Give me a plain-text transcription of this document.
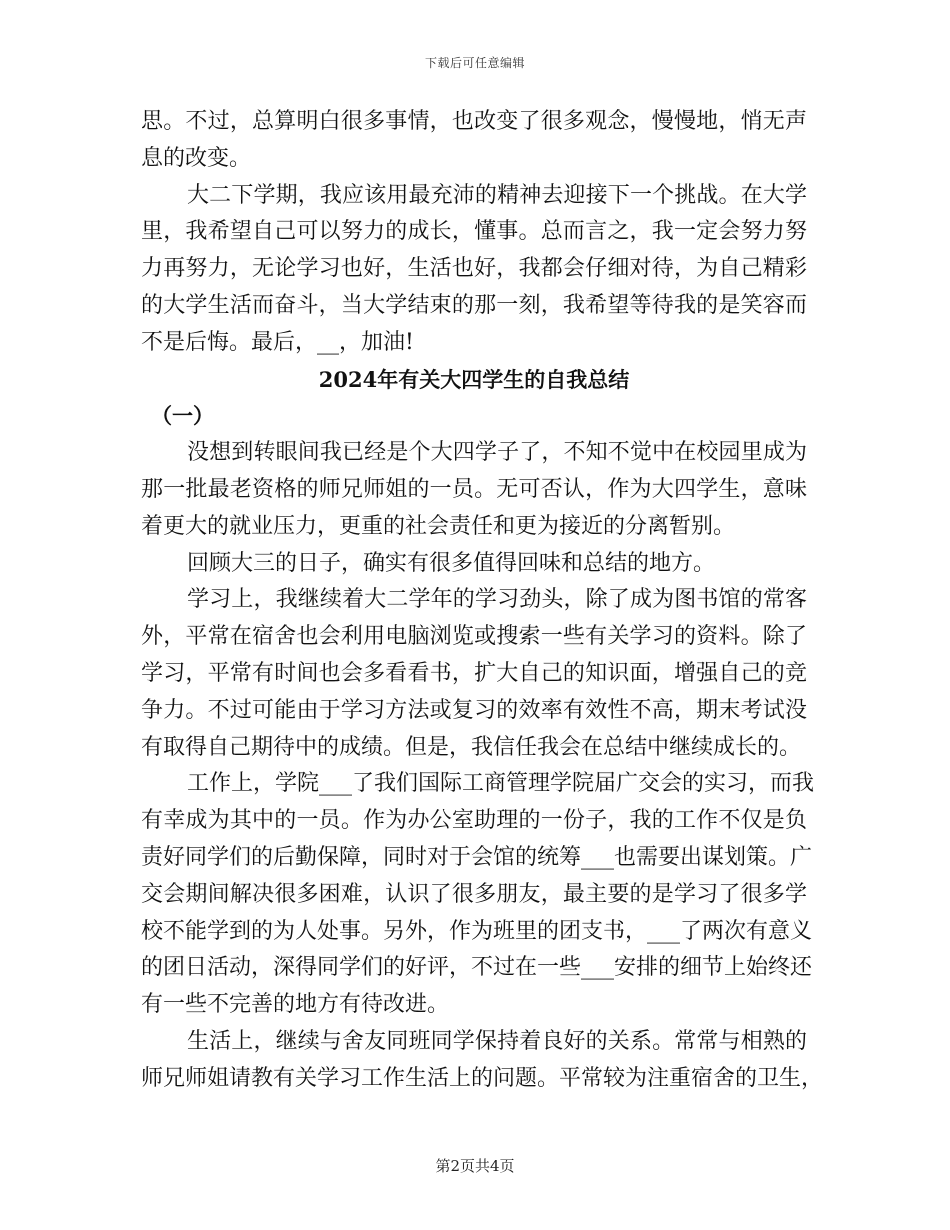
下载后可任意编辑
思。不过，总算明白很多事情，也改变了很多观念，慢慢地，悄无声
息的改变。
大二下学期，我应该用最充沛的精神去迎接下一个挑战。在大学
里，我希望自己可以努力的成长，懂事。总而言之，我一定会努力努
力再努力，无论学习也好，生活也好，我都会仔细对待，为自己精彩
的大学生活而奋斗，当大学结束的那一刻，我希望等待我的是笑容而
不是后悔。最后，__，加油!
2024年有关大四学生的自我总结
（一）
没想到转眼间我已经是个大四学子了，不知不觉中在校园里成为
那一批最老资格的师兄师姐的一员。无可否认，作为大四学生，意味
着更大的就业压力，更重的社会责任和更为接近的分离暂别。
回顾大三的日子，确实有很多值得回味和总结的地方。
学习上，我继续着大二学年的学习劲头，除了成为图书馆的常客
外，平常在宿舍也会利用电脑浏览或搜索一些有关学习的资料。除了
学习，平常有时间也会多看看书，扩大自己的知识面，增强自己的竞
争力。不过可能由于学习方法或复习的效率有效性不高，期末考试没
有取得自己期待中的成绩。但是，我信任我会在总结中继续成长的。
工作上，学院___了我们国际工商管理学院届广交会的实习，而我
有幸成为其中的一员。作为办公室助理的一份子，我的工作不仅是负
责好同学们的后勤保障，同时对于会馆的统筹___也需要出谋划策。广
交会期间解决很多困难，认识了很多朋友，最主要的是学习了很多学
校不能学到的为人处事。另外，作为班里的团支书，___了两次有意义
的团日活动，深得同学们的好评，不过在一些___安排的细节上始终还
有一些不完善的地方有待改进。
生活上，继续与舍友同班同学保持着良好的关系。常常与相熟的
师兄师姐请教有关学习工作生活上的问题。平常较为注重宿舍的卫生，
第2页共4页
